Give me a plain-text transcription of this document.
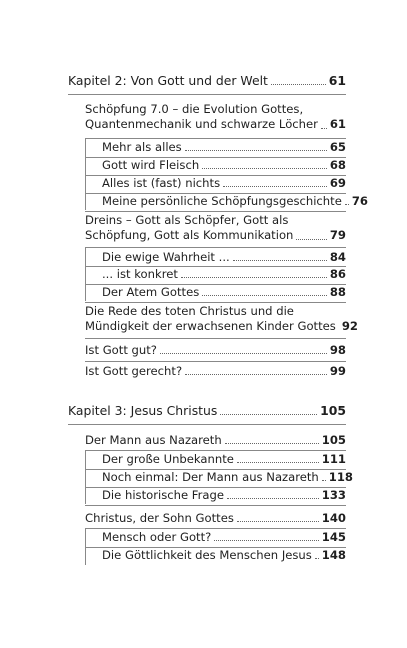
Kapitel 2: Von Gott und der Welt	61
Schöpfung 7.0 – die Evolution Gottes,
Quantenmechanik und schwarze Löcher 61
Mehr als alles	65
Gott wird Fleisch	68
Alles ist (fast) nichts	69
Meine persönliche Schöpfungsgeschichte 76
Dreins – Gott als Schöpfer, Gott als
Schöpfung, Gott als Kommunikation	79
Die ewige Wahrheit ...	84
... ist konkret	86
Der Atem Gottes	88
Die Rede des toten Christus und die
Mündigkeit der erwachsenen Kinder Gottes 92
Ist Gott gut?	98
Ist Gott gerecht?	99
Kapitel 3: Jesus Christus	105
Der Mann aus Nazareth	105
Der große Unbekannte	111
Noch einmal: Der Mann aus Nazareth 118
Die historische Frage	133
Christus, der Sohn Gottes	140
Mensch oder Gott?	145
Die Göttlichkeit des Menschen Jesus 148
